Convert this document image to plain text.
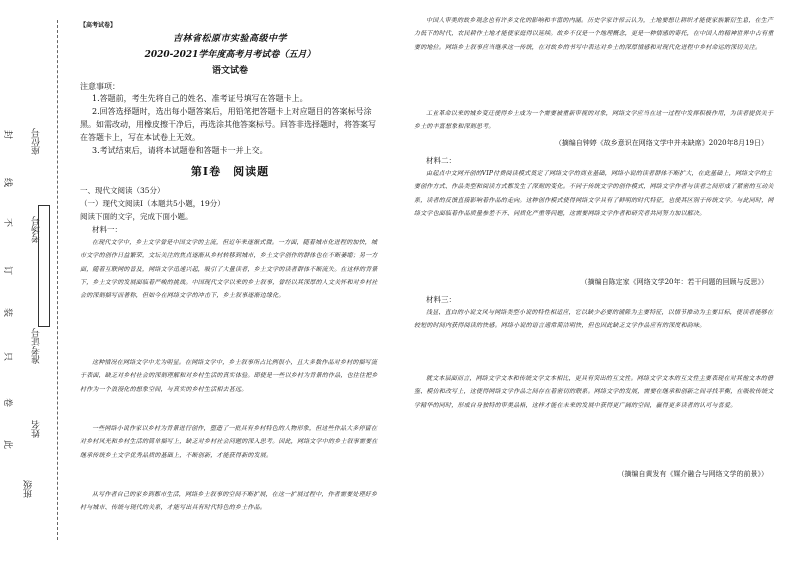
封
线
不
订
装
只
卷
此
座位号
考场号
准考证号
姓名
班级
【高考试卷】
吉林省松原市实验高级中学
2020-2021学年度高考月考试卷（五月）
语文试卷
注意事项：

1.答题前，考生先将自己的姓名、准考证号填写在答题卡上。

2.回答选择题时，选出每小题答案后，用铅笔把答题卡上对应题目的答案标号涂黑。如需改动，用橡皮擦干净后，再选涂其他答案标号。回答非选择题时，将答案写在答题卡上，写在本试卷上无效。

3.考试结束后，请将本试题卷和答题卡一并上交。

第Ⅰ卷　阅读题

一、现代文阅读（35分）

（一）现代文阅读Ⅰ（本题共5小题，19分）

阅读下面的文字，完成下面小题。

材料一：

在现代文学中，乡土文学曾是中国文学的主流，但近年来逐渐式微。一方面，随着城市化进程的加快，城市文学的创作日益繁荣，文坛关注的焦点逐渐从乡村转移到城市，乡土文学创作的群体也在不断萎缩；另一方面，随着互联网的普及，网络文学迅速兴起，吸引了大量读者，乡土文学的读者群体不断流失。在这样的背景下，乡土文学的发展面临着严峻的挑战。中国现代文学以来的乡土叙事，曾经以其深厚的人文关怀和对乡村社会的深刻描写而著称，但如今在网络文学的冲击下，乡土叙事逐渐边缘化。

这种情况在网络文学中尤为明显。在网络文学中，乡土叙事所占比例很小，且大多数作品对乡村的描写流于表面，缺乏对乡村社会的深刻理解和对乡村生活的真实体验。即使是一些以乡村为背景的作品，也往往把乡村作为一个浪漫化的想象空间，与真实的乡村生活相去甚远。

一些网络小说作家以乡村为背景进行创作，塑造了一批具有乡村特色的人物形象，但这些作品大多停留在对乡村风光和乡村生活的简单描写上，缺乏对乡村社会问题的深入思考。因此，网络文学中的乡土叙事需要在继承传统乡土文学优秀品质的基础上，不断创新，才能获得新的发展。

从写作者自己的家乡到都市生活，网络乡土叙事的空间不断扩展，在这一扩展过程中，作者需要处理好乡村与城市、传统与现代的关系，才能写出具有时代特色的乡土作品。

中国人审美的故乡观念也有许多文化的影响和丰富的内涵。历史学家许倬云认为，土地要想让耕织才能使家族繁衍生息，在生产力低下的时代，农民耕作土地才能使家庭得以延续。故乡不仅是一个地理概念，更是一种情感的寄托，在中国人的精神世界中占有重要的地位。网络乡土叙事应当继承这一传统，在对故乡的书写中表达对乡土的深厚情感和对现代化进程中乡村命运的深切关注。

工业革命以来的城乡变迁使得乡土成为一个需要被重新审视的对象，网络文学应当在这一过程中发挥积极作用，为读者提供关于乡土的丰富想象和深刻思考。

（摘编自钟婷《故乡意识在网络文学中并未缺席》2020年8月19日）

材料二：

由起点中文网开创的VIP付费阅读模式奠定了网络文学的商业基础，网络小说的读者群体不断扩大，在此基础上，网络文学的主要创作方式、作品类型和阅读方式都发生了深刻的变化。不同于传统文学的创作模式，网络文学作者与读者之间形成了紧密的互动关系，读者的反馈直接影响着作品的走向。这种创作模式使得网络文学具有了鲜明的时代特征，也使其区别于传统文学。与此同时，网络文学也面临着作品质量参差不齐、同质化严重等问题，这需要网络文学作者和研究者共同努力加以解决。

（摘编自陈定家《网络文学20年：若干问题的回顾与反思》）

材料三：

浅显、直白的小说文风与网络类型小说的特性相适应，它以缺少必要的铺陈为主要特征，以情节推动为主要目标，使读者能够在较短的时间内获得阅读的快感。网络小说的语言通常简洁明快，但也因此缺乏文学作品应有的深度和韵味。

就文本层面而言，网络文学文本和传统文学文本相比，更具有突出的互文性。网络文学文本的互文性主要表现在对其他文本的借鉴、模仿和改写上，这使得网络文学作品之间存在着密切的联系。网络文学的发展，需要在继承和创新之间寻找平衡，在吸收传统文学精华的同时，形成自身独特的审美品格，这样才能在未来的发展中获得更广阔的空间，赢得更多读者的认可与喜爱。

（摘编自黄发有《媒介融合与网络文学的前景》）
